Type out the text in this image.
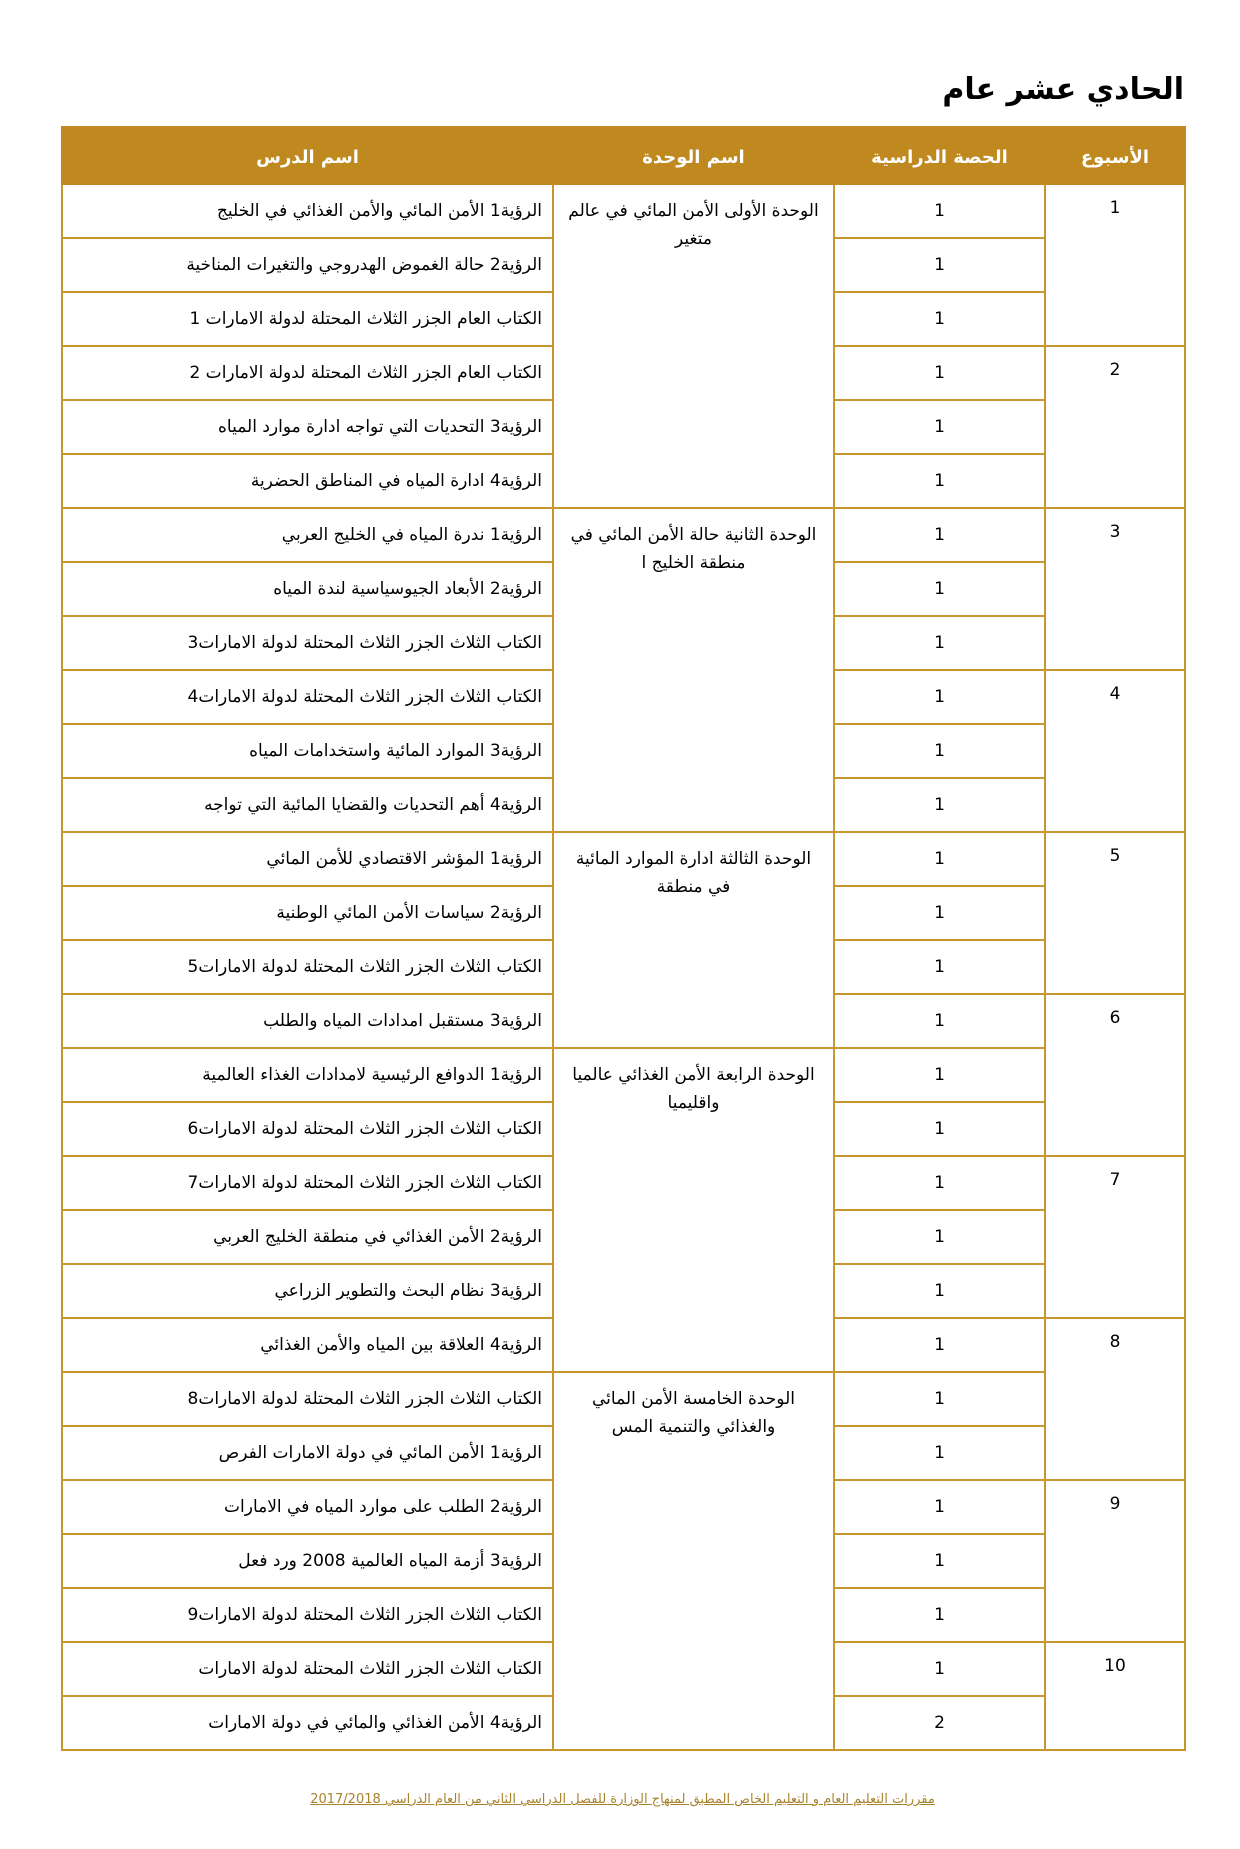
الحادي عشر عام
الأسبوع	الحصة الدراسية	اسم الوحدة	اسم الدرس
1	1	الوحدة الأولى الأمن المائي في عالم متغير	الرؤية1 الأمن المائي والأمن الغذائي في الخليج
	1		الرؤية2 حالة الغموض الهدروجي والتغيرات المناخية
	1		الكتاب العام الجزر الثلاث المحتلة لدولة الامارات 1
2	1		الكتاب العام الجزر الثلاث المحتلة لدولة الامارات 2
	1		الرؤية3 التحديات التي تواجه ادارة موارد المياه
	1		الرؤية4 ادارة المياه في المناطق الحضرية
3	1	الوحدة الثانية حالة الأمن المائي في منطقة الخليج ا	الرؤية1 ندرة المياه في الخليج العربي
	1		الرؤية2 الأبعاد الجيوسياسية لندة المياه
	1		الكتاب الثلاث الجزر الثلاث المحتلة لدولة الامارات3
4	1		الكتاب الثلاث الجزر الثلاث المحتلة لدولة الامارات4
	1		الرؤية3 الموارد المائية واستخدامات المياه
	1		الرؤية4 أهم التحديات والقضايا المائية التي تواجه
5	1	الوحدة الثالثة ادارة الموارد المائية في منطقة	الرؤية1 المؤشر الاقتصادي للأمن المائي
	1		الرؤية2 سياسات الأمن المائي الوطنية
	1		الكتاب الثلاث الجزر الثلاث المحتلة لدولة الامارات5
6	1		الرؤية3 مستقبل امدادات المياه والطلب
	1	الوحدة الرابعة الأمن الغذائي عالميا واقليميا	الرؤية1 الدوافع الرئيسية لامدادات الغذاء العالمية
	1		الكتاب الثلاث الجزر الثلاث المحتلة لدولة الامارات6
7	1		الكتاب الثلاث الجزر الثلاث المحتلة لدولة الامارات7
	1		الرؤية2 الأمن الغذائي في منطقة الخليج العربي
	1		الرؤية3 نظام البحث والتطوير الزراعي
8	1		الرؤية4 العلاقة بين المياه والأمن الغذائي
	1	الوحدة الخامسة الأمن المائي والغذائي والتنمية المس	الكتاب الثلاث الجزر الثلاث المحتلة لدولة الامارات8
	1		الرؤية1 الأمن المائي في دولة الامارات الفرص
9	1		الرؤية2 الطلب على موارد المياه في الامارات
	1		الرؤية3 أزمة المياه العالمية 2008 ورد فعل
	1		الكتاب الثلاث الجزر الثلاث المحتلة لدولة الامارات9
10	1		الكتاب الثلاث الجزر الثلاث المحتلة لدولة الامارات
	2		الرؤية4 الأمن الغذائي والمائي في دولة الامارات
مقررات التعليم العام و التعليم الخاص المطبق لمنهاج الوزارة للفصل الدراسي الثاني من العام الدراسي 2017/2018
